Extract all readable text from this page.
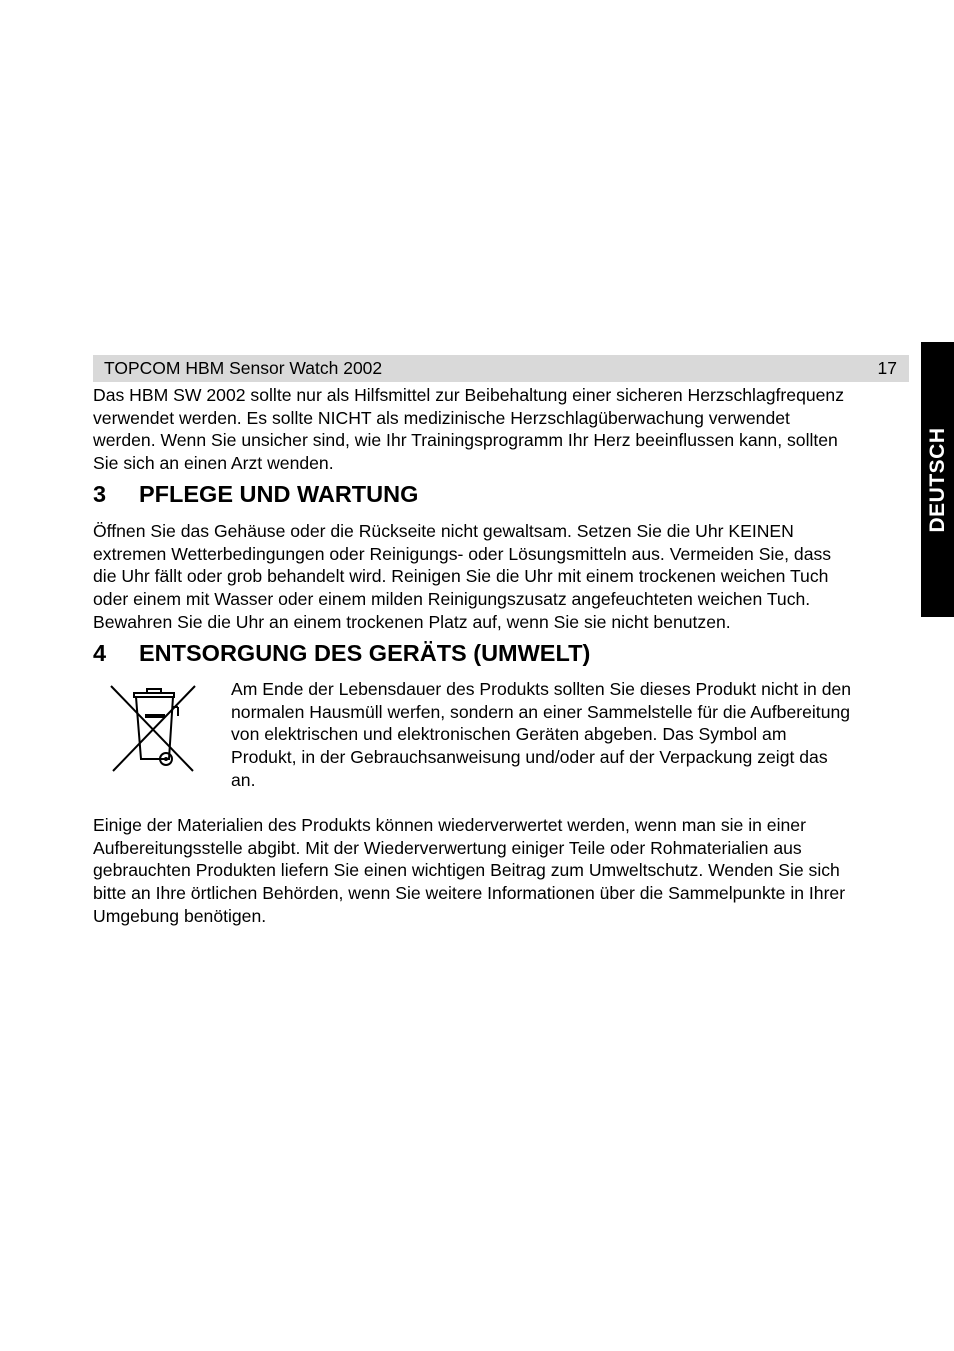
TOPCOM HBM Sensor Watch 2002	17
DEUTSCH

Das HBM SW 2002 sollte nur als Hilfsmittel zur Beibehaltung einer sicheren Herzschlagfrequenz
verwendet werden. Es sollte NICHT als medizinische Herzschlagüberwachung verwendet
werden. Wenn Sie unsicher sind, wie Ihr Trainingsprogramm Ihr Herz beeinflussen kann, sollten
Sie sich an einen Arzt wenden.

3 PFLEGE UND WARTUNG

Öffnen Sie das Gehäuse oder die Rückseite nicht gewaltsam. Setzen Sie die Uhr KEINEN
extremen Wetterbedingungen oder Reinigungs- oder Lösungsmitteln aus. Vermeiden Sie, dass
die Uhr fällt oder grob behandelt wird. Reinigen Sie die Uhr mit einem trockenen weichen Tuch
oder einem mit Wasser oder einem milden Reinigungszusatz angefeuchteten weichen Tuch.
Bewahren Sie die Uhr an einem trockenen Platz auf, wenn Sie sie nicht benutzen.

4 ENTSORGUNG DES GERÄTS (UMWELT)

Am Ende der Lebensdauer des Produkts sollten Sie dieses Produkt nicht in den
normalen Hausmüll werfen, sondern an einer Sammelstelle für die Aufbereitung
von elektrischen und elektronischen Geräten abgeben. Das Symbol am
Produkt, in der Gebrauchsanweisung und/oder auf der Verpackung zeigt das
an.

Einige der Materialien des Produkts können wiederverwertet werden, wenn man sie in einer
Aufbereitungsstelle abgibt. Mit der Wiederverwertung einiger Teile oder Rohmaterialien aus
gebrauchten Produkten liefern Sie einen wichtigen Beitrag zum Umweltschutz. Wenden Sie sich
bitte an Ihre örtlichen Behörden, wenn Sie weitere Informationen über die Sammelpunkte in Ihrer
Umgebung benötigen.
